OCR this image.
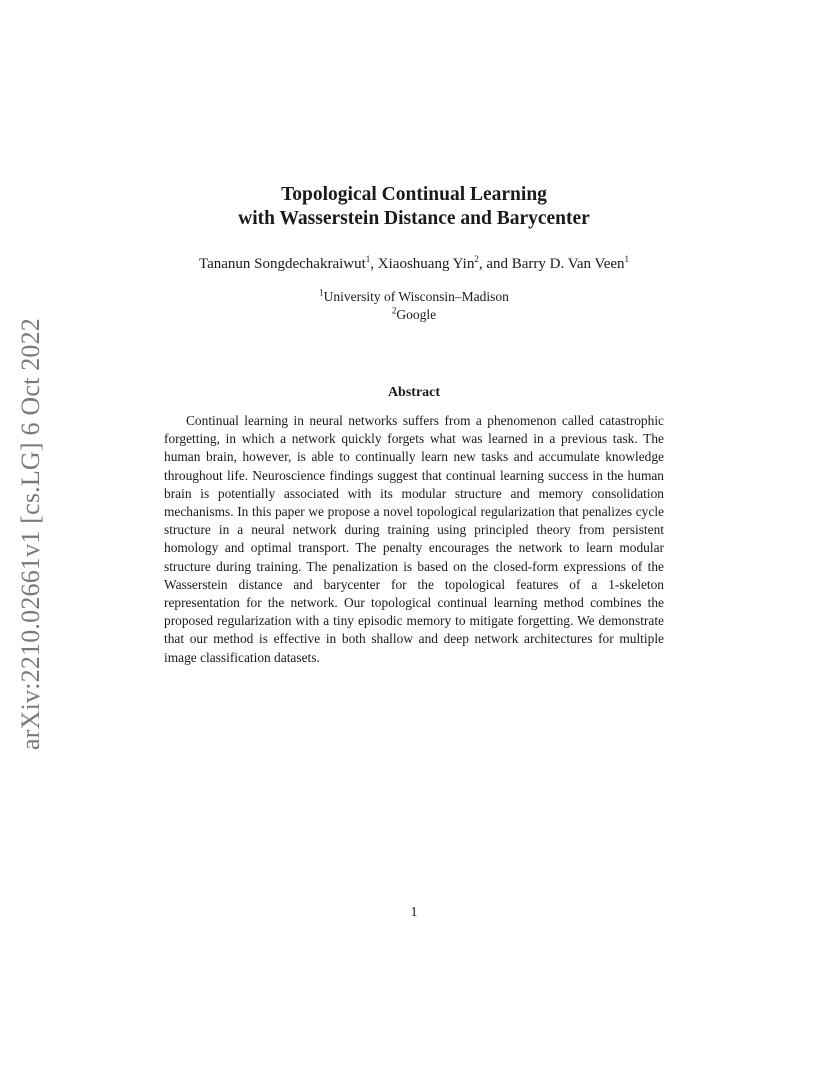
arXiv:2210.02661v1 [cs.LG] 6 Oct 2022
Topological Continual Learning
with Wasserstein Distance and Barycenter
Tananun Songdechakraiwut$^1$, Xiaoshuang Yin$^2$, and Barry D. Van Veen$^1$
$^1$University of Wisconsin–Madison
$^2$Google
Abstract
Continual learning in neural networks suffers from a phenomenon called catastrophic forgetting, in which a network quickly forgets what was learned in a previous task. The human brain, however, is able to continually learn new tasks and accumulate knowledge throughout life. Neuroscience findings suggest that continual learning success in the human brain is potentially associated with its modular structure and memory consolidation mechanisms. In this paper we propose a novel topological regularization that penalizes cycle structure in a neural network during training using principled theory from persistent homology and optimal transport. The penalty encourages the network to learn modular structure during training. The penalization is based on the closed-form expressions of the Wasserstein distance and barycenter for the topological features of a 1-skeleton representation for the network. Our topological continual learning method combines the proposed regularization with a tiny episodic memory to mitigate forgetting. We demonstrate that our method is effective in both shallow and deep network architectures for multiple image classification datasets.
1
